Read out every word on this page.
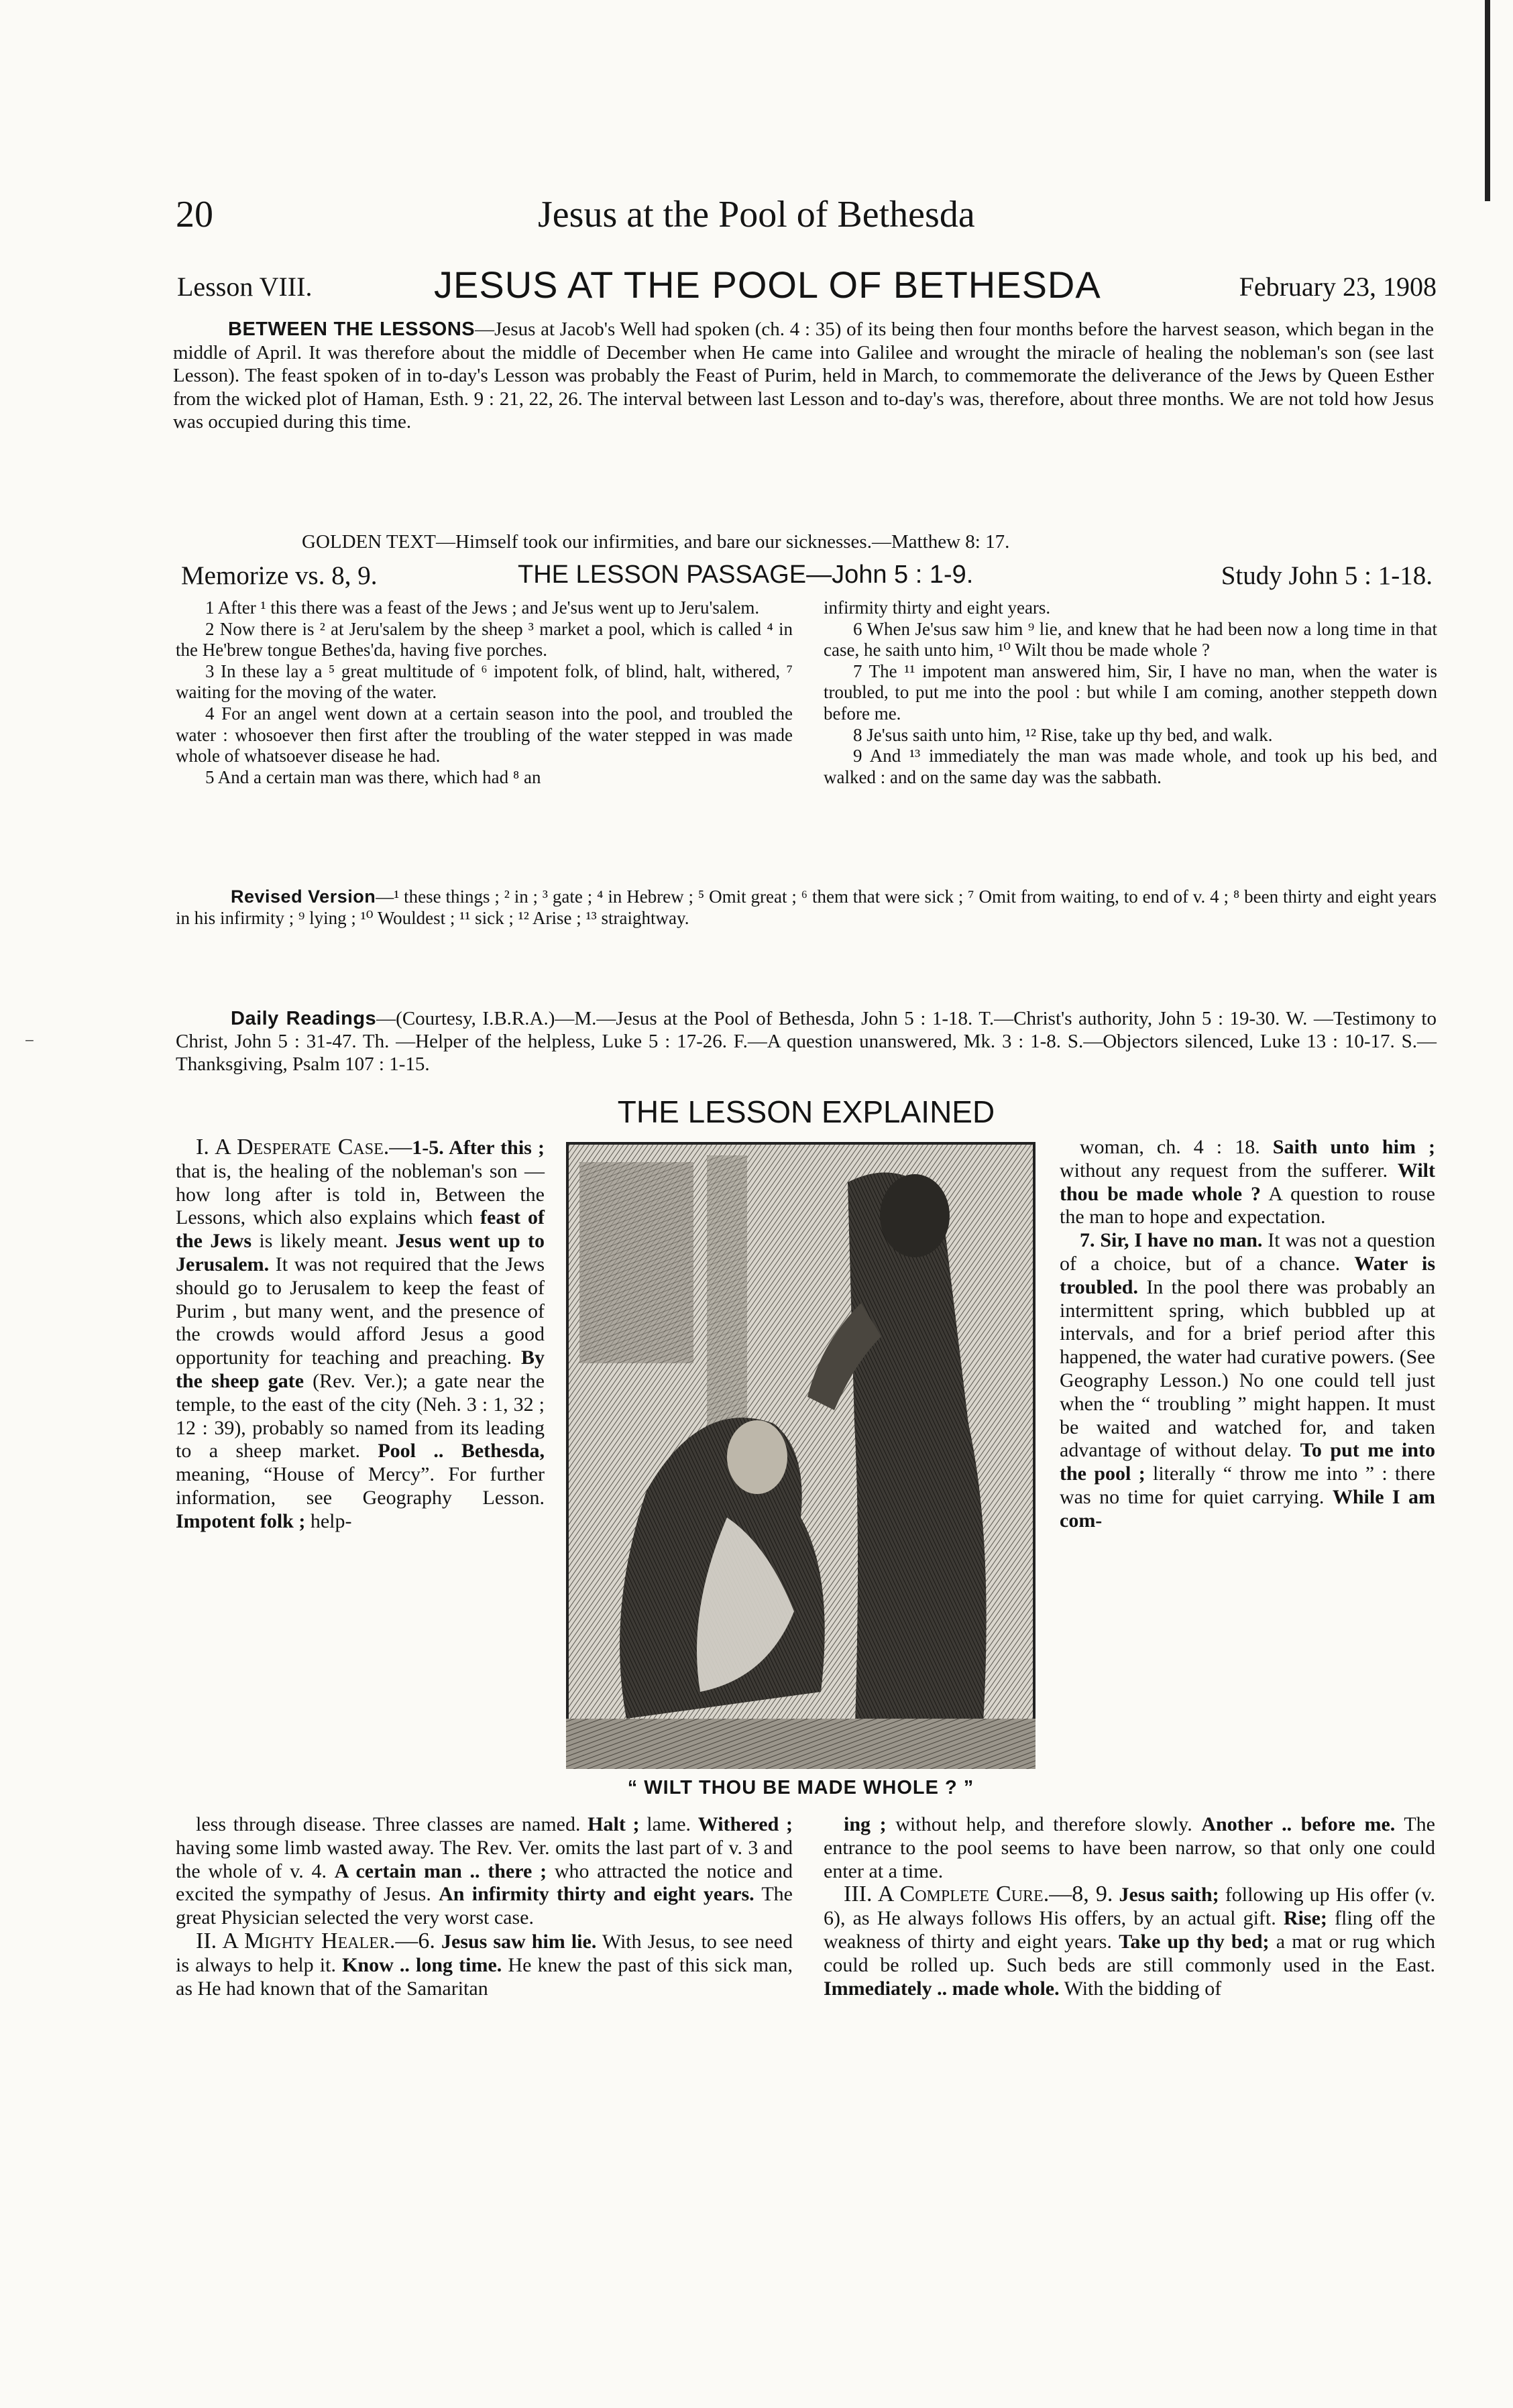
20	Jesus at the Pool of Bethesda
Lesson VIII.	JESUS AT THE POOL OF BETHESDA	February 23, 1908
BETWEEN THE LESSONS—Jesus at Jacob's Well had spoken (ch. 4 : 35) of its being then four months before the harvest season, which began in the middle of April. It was therefore about the middle of December when He came into Galilee and wrought the miracle of healing the nobleman's son (see last Lesson). The feast spoken of in to-day's Lesson was probably the Feast of Purim, held in March, to commemorate the deliverance of the Jews by Queen Esther from the wicked plot of Haman, Esth. 9 : 21, 22, 26. The interval between last Lesson and to-day's was, therefore, about three months. We are not told how Jesus was occupied during this time.
GOLDEN TEXT—Himself took our infirmities, and bare our sicknesses.—Matthew 8: 17.
Memorize vs. 8, 9.	THE LESSON PASSAGE—John 5 : 1-9.	Study John 5 : 1-18.
1 After ¹ this there was a feast of the Jews ; and Je'sus went up to Jeru'salem.
2 Now there is ² at Jeru'salem by the sheep ³ market a pool, which is called ⁴ in the He'brew tongue Bethes'da, having five porches.
3 In these lay a ⁵ great multitude of ⁶ impotent folk, of blind, halt, withered, ⁷ waiting for the moving of the water.
4 For an angel went down at a certain season into the pool, and troubled the water : whosoever then first after the troubling of the water stepped in was made whole of whatsoever disease he had.
5 And a certain man was there, which had ⁸ an
infirmity thirty and eight years.
6 When Je'sus saw him ⁹ lie, and knew that he had been now a long time in that case, he saith unto him, ¹⁰ Wilt thou be made whole ?
7 The ¹¹ impotent man answered him, Sir, I have no man, when the water is troubled, to put me into the pool : but while I am coming, another steppeth down before me.
8 Je'sus saith unto him, ¹² Rise, take up thy bed, and walk.
9 And ¹³ immediately the man was made whole, and took up his bed, and walked : and on the same day was the sabbath.
Revised Version—¹ these things ; ² in ; ³ gate ; ⁴ in Hebrew ; ⁵ Omit great ; ⁶ them that were sick ; ⁷ Omit from waiting, to end of v. 4 ; ⁸ been thirty and eight years in his infirmity ; ⁹ lying ; ¹⁰ Wouldest ; ¹¹ sick ; ¹² Arise ; ¹³ straightway.
Daily Readings—(Courtesy, I.B.R.A.)—M.—Jesus at the Pool of Bethesda, John 5 : 1-18. T.—Christ's authority, John 5 : 19-30. W. —Testimony to Christ, John 5 : 31-47. Th. —Helper of the helpless, Luke 5 : 17-26. F.—A question unanswered, Mk. 3 : 1-8. S.—Objectors silenced, Luke 13 : 10-17. S.—Thanksgiving, Psalm 107 : 1-15.
THE LESSON EXPLAINED
I. A Desperate Case.—1-5. After this ; that is, the healing of the nobleman's son —how long after is told in, Between the Lessons, which also explains which feast of the Jews is likely meant. Jesus went up to Jerusalem. It was not required that the Jews should go to Jerusalem to keep the feast of Purim , but many went, and the presence of the crowds would afford Jesus a good opportunity for teaching and preaching. By the sheep gate (Rev. Ver.); a gate near the temple, to the east of the city (Neh. 3 : 1, 32 ; 12 : 39), probably so named from its leading to a sheep market. Pool .. Bethesda, meaning, “House of Mercy”. For further information, see Geography Lesson. Impotent folk ; help-
“ WILT THOU BE MADE WHOLE ? ”
woman, ch. 4 : 18. Saith unto him ; without any request from the sufferer. Wilt thou be made whole ? A question to rouse the man to hope and expectation.
7. Sir, I have no man. It was not a question of a choice, but of a chance. Water is troubled. In the pool there was probably an intermittent spring, which bubbled up at intervals, and for a brief period after this happened, the water had curative powers. (See Geography Lesson.) No one could tell just when the “ troubling ” might happen. It must be waited and watched for, and taken advantage of without delay. To put me into the pool ; literally “ throw me into ” : there was no time for quiet carrying. While I am com-
less through disease. Three classes are named. Halt ; lame. Withered ; having some limb wasted away. The Rev. Ver. omits the last part of v. 3 and the whole of v. 4. A certain man .. there ; who attracted the notice and excited the sympathy of Jesus. An infirmity thirty and eight years. The great Physician selected the very worst case.
II. A Mighty Healer.—6. Jesus saw him lie. With Jesus, to see need is always to help it. Know .. long time. He knew the past of this sick man, as He had known that of the Samaritan
ing ; without help, and therefore slowly. Another .. before me. The entrance to the pool seems to have been narrow, so that only one could enter at a time.
III. A Complete Cure.—8, 9. Jesus saith; following up His offer (v. 6), as He always follows His offers, by an actual gift. Rise; fling off the weakness of thirty and eight years. Take up thy bed; a mat or rug which could be rolled up. Such beds are still commonly used in the East. Immediately .. made whole. With the bidding of
⁻
